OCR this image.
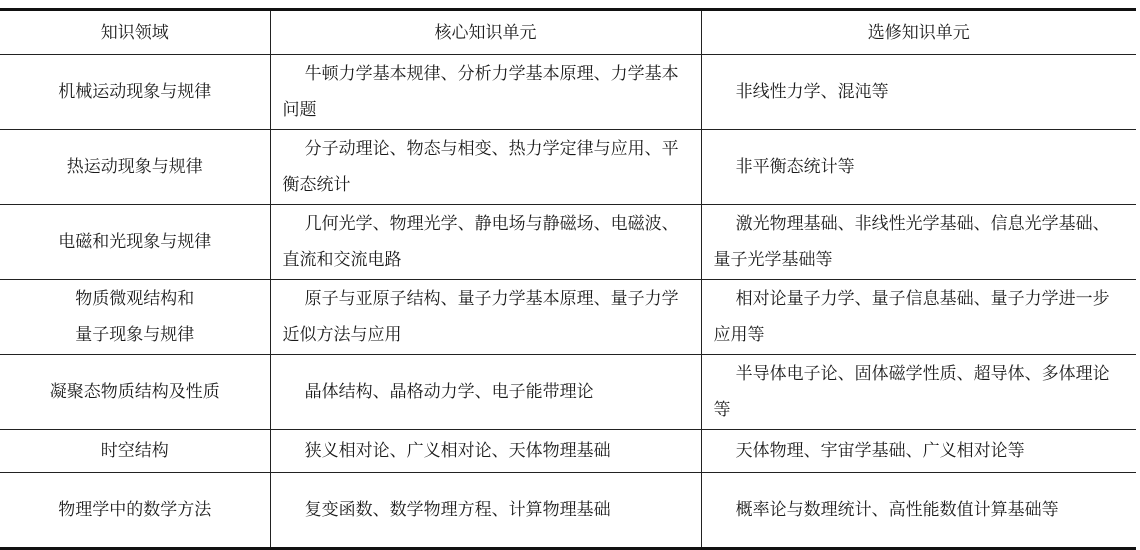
知识领域	核心知识单元	选修知识单元
机械运动现象与规律	牛顿力学基本规律、分析力学基本原理、力学基本问题	非线性力学、混沌等
热运动现象与规律	分子动理论、物态与相变、热力学定律与应用、平衡态统计	非平衡态统计等
电磁和光现象与规律	几何光学、物理光学、静电场与静磁场、电磁波、直流和交流电路	激光物理基础、非线性光学基础、信息光学基础、量子光学基础等
物质微观结构和量子现象与规律	原子与亚原子结构、量子力学基本原理、量子力学近似方法与应用	相对论量子力学、量子信息基础、量子力学进一步应用等
凝聚态物质结构及性质	晶体结构、晶格动力学、电子能带理论	半导体电子论、固体磁学性质、超导体、多体理论等
时空结构	狭义相对论、广义相对论、天体物理基础	天体物理、宇宙学基础、广义相对论等
物理学中的数学方法	复变函数、数学物理方程、计算物理基础	概率论与数理统计、高性能数值计算基础等
